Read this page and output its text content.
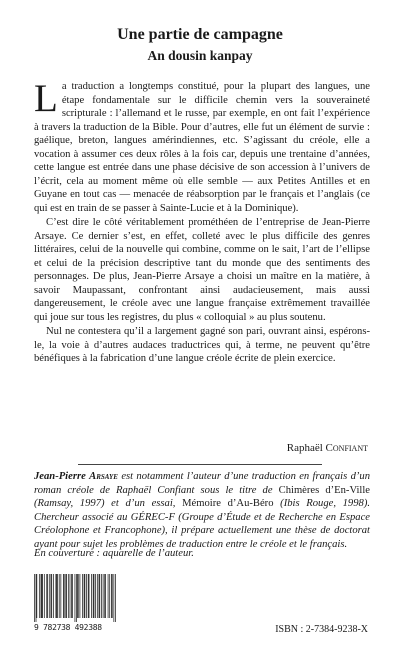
Une partie de campagne
An dousin kanpay

La traduction a longtemps constitué, pour la plupart des langues, une étape fondamentale sur le difficile chemin vers la souveraineté scripturale : l’allemand et le russe, par exemple, en ont fait l’expérience à travers la traduction de la Bible. Pour d’autres, elle fut un élément de survie : gaélique, breton, langues amérindiennes, etc. S’agissant du créole, elle a vocation à assumer ces deux rôles à la fois car, depuis une trentaine d’années, cette langue est entrée dans une phase décisive de son accession à l’univers de l’écrit, cela au moment même où elle semble — aux Petites Antilles et en Guyane en tout cas — menacée de réabsorption par le français et l’anglais (ce qui est en train de se passer à Sainte-Lucie et à la Dominique).

C’est dire le côté véritablement prométhéen de l’entreprise de Jean-Pierre Arsaye. Ce dernier s’est, en effet, colleté avec le plus difficile des genres littéraires, celui de la nouvelle qui combine, comme on le sait, l’art de l’ellipse et celui de la précision descriptive tant du monde que des sentiments des personnages. De plus, Jean-Pierre Arsaye a choisi un maître en la matière, à savoir Maupassant, confrontant ainsi audacieusement, mais aussi dangereusement, le créole avec une langue française extrêmement travaillée qui joue sur tous les registres, du plus « colloquial » au plus soutenu.

Nul ne contestera qu’il a largement gagné son pari, ouvrant ainsi, espérons-le, la voie à d’autres audaces traductrices qui, à terme, ne peuvent qu’être bénéfiques à la fabrication d’une langue créole écrite de plein exercice.

Raphaël Confiant
Jean-Pierre Arsaye est notamment l’auteur d’une traduction en français d’un roman créole de Raphaël Confiant sous le titre de Chimères d’En-Ville (Ramsay, 1997) et d’un essai, Mémoire d’Au-Béro (Ibis Rouge, 1998). Chercheur associé au GÉREC-F (Groupe d’Étude et de Recherche en Espace Créolophone et Francophone), il prépare actuellement une thèse de doctorat ayant pour sujet les problèmes de traduction entre le créole et le français.
En couverture : aquarelle de l’auteur.
9 782738 492388	ISBN : 2-7384-9238-X
